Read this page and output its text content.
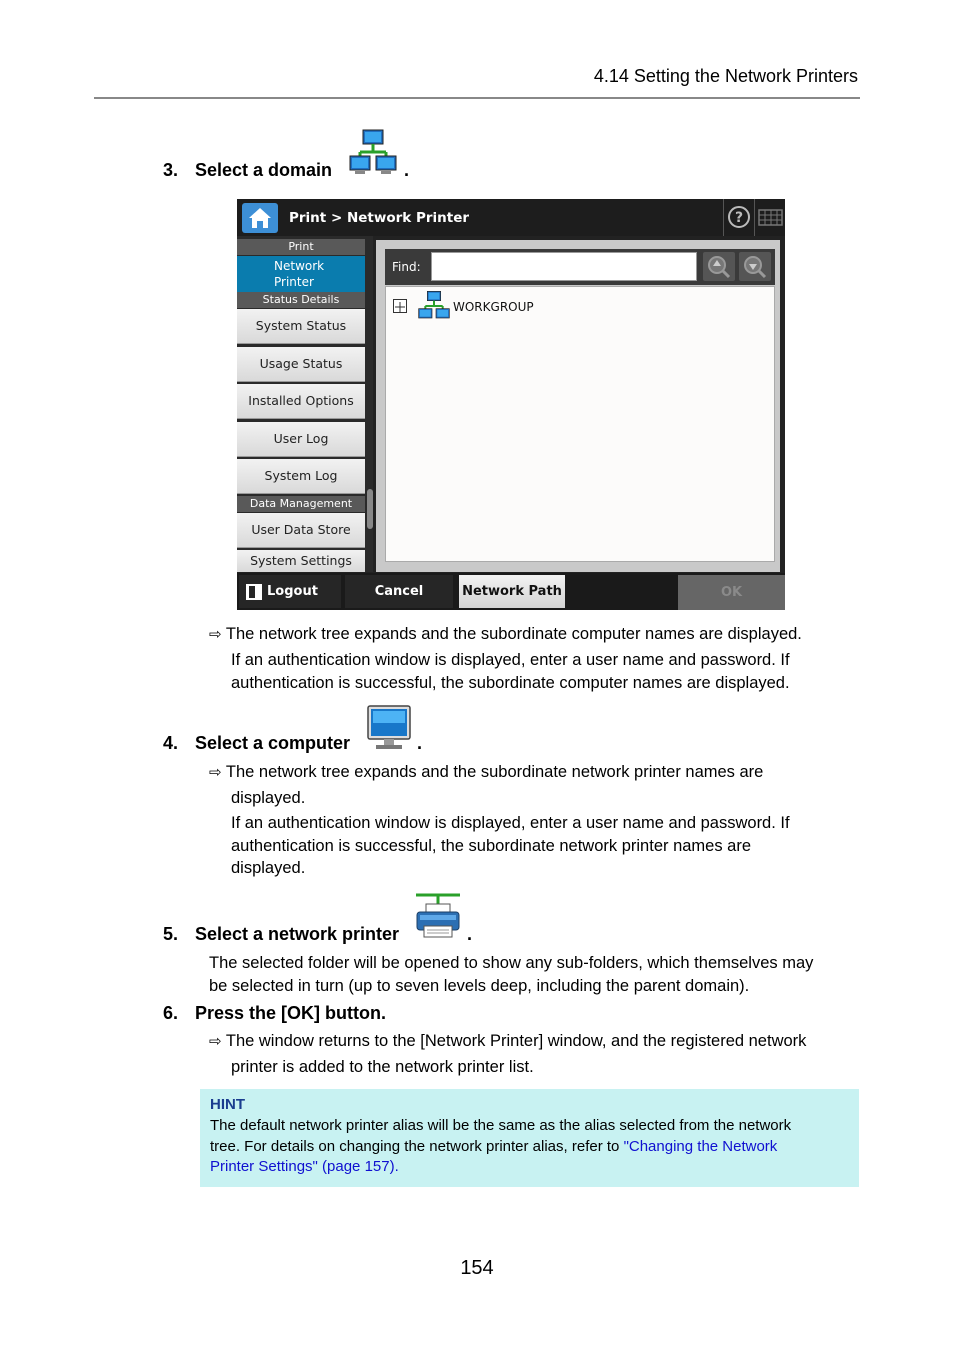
4.14 Setting the Network Printers
3. Select a domain	.
Print > Network Printer	?
Print
Network
Printer
Status Details
System Status
Usage Status
Installed Options
User Log
System Log
Data Management
User Data Store
System Settings
Find:
WORKGROUP
Logout	Cancel	Network Path	OK
⇨ The network tree expands and the subordinate computer names are displayed.
If an authentication window is displayed, enter a user name and password. If
authentication is successful, the subordinate computer names are displayed.
4. Select a computer	.
⇨ The network tree expands and the subordinate network printer names are
displayed.
If an authentication window is displayed, enter a user name and password. If
authentication is successful, the subordinate network printer names are
displayed.
5. Select a network printer	.
The selected folder will be opened to show any sub-folders, which themselves may
be selected in turn (up to seven levels deep, including the parent domain).
6. Press the [OK] button.
⇨ The window returns to the [Network Printer] window, and the registered network
printer is added to the network printer list.
HINT
The default network printer alias will be the same as the alias selected from the network
tree. For details on changing the network printer alias, refer to "Changing the Network
Printer Settings" (page 157).
154
